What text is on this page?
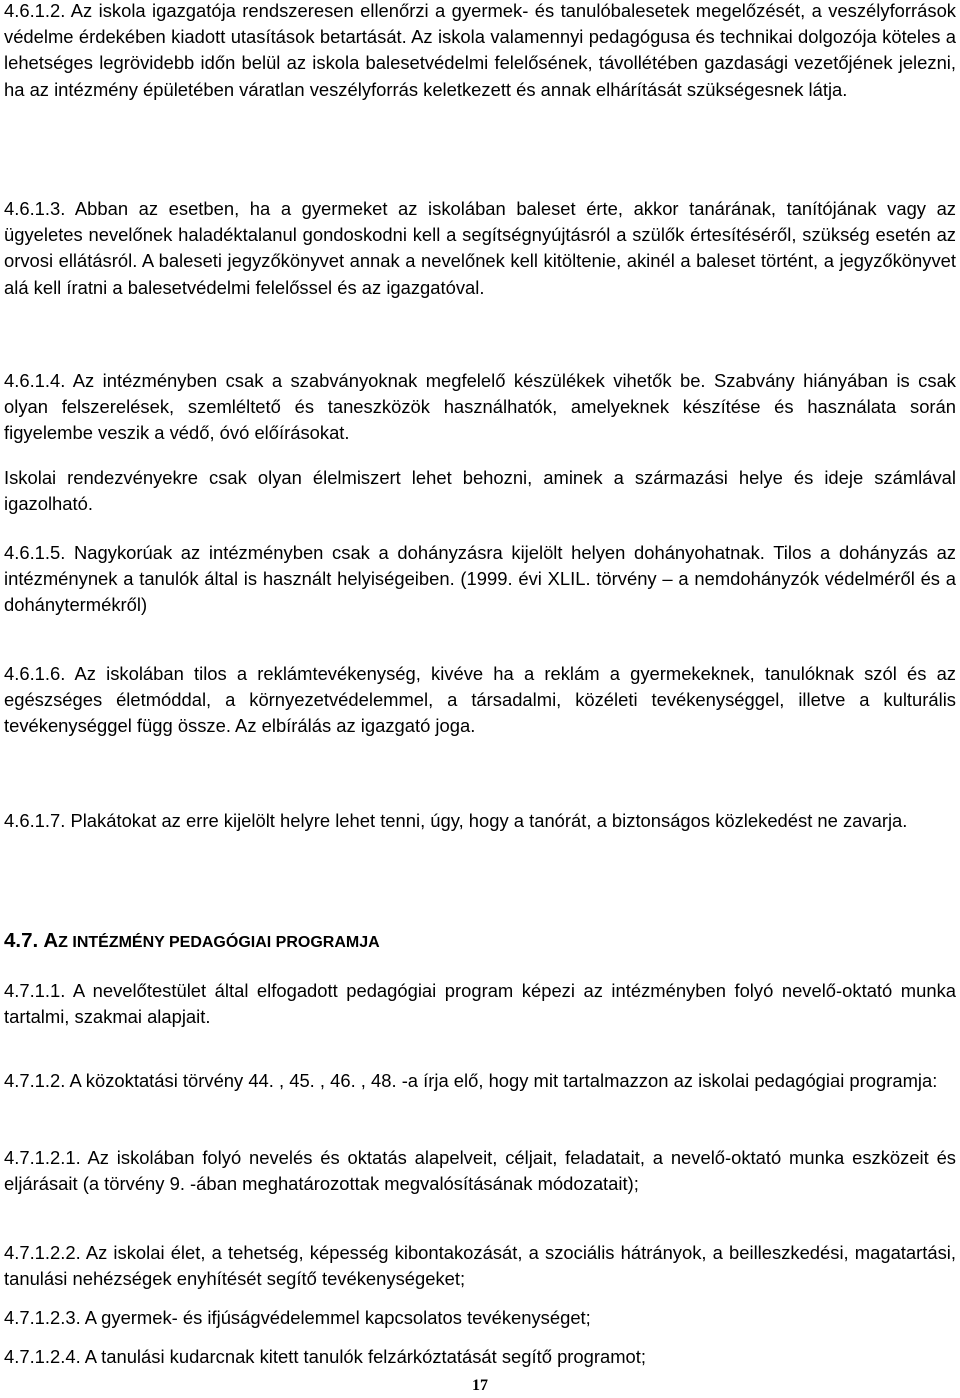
4.6.1.2. Az iskola igazgatója rendszeresen ellenőrzi a gyermek- és tanulóbalesetek megelőzését, a veszélyforrások védelme érdekében kiadott utasítások betartását. Az iskola valamennyi pedagógusa és technikai dolgozója köteles a lehetséges legrövidebb időn belül az iskola balesetvédelmi felelősének, távollétében gazdasági vezetőjének jelezni, ha az intézmény épületében váratlan veszélyforrás keletkezett és annak elhárítását szükségesnek látja.

4.6.1.3. Abban az esetben, ha a gyermeket az iskolában baleset érte, akkor tanárának, tanítójának vagy az ügyeletes nevelőnek haladéktalanul gondoskodni kell a segítségnyújtásról a szülők értesítéséről, szükség esetén az orvosi ellátásról. A baleseti jegyzőkönyvet annak a nevelőnek kell kitöltenie, akinél a baleset történt, a jegyzőkönyvet alá kell íratni a balesetvédelmi felelőssel és az igazgatóval.

4.6.1.4. Az intézményben csak a szabványoknak megfelelő készülékek vihetők be. Szabvány hiányában is csak olyan felszerelések, szemléltető és taneszközök használhatók, amelyeknek készítése és használata során figyelembe veszik a védő, óvó előírásokat.

Iskolai rendezvényekre csak olyan élelmiszert lehet behozni, aminek a származási helye és ideje számlával igazolható.

4.6.1.5. Nagykorúak az intézményben csak a dohányzásra kijelölt helyen dohányohatnak. Tilos a dohányzás az intézménynek a tanulók által is használt helyiségeiben. (1999. évi XLIL. törvény – a nemdohányzók védelméről és a dohánytermékről)

4.6.1.6. Az iskolában tilos a reklámtevékenység, kivéve ha a reklám a gyermekeknek, tanulóknak szól és az egészséges életmóddal, a környezetvédelemmel, a társadalmi, közéleti tevékenységgel, illetve a kulturális tevékenységgel függ össze. Az elbírálás az igazgató joga.

4.6.1.7. Plakátokat az erre kijelölt helyre lehet tenni, úgy, hogy a tanórát, a biztonságos közlekedést ne zavarja.

4.7. AZ INTÉZMÉNY PEDAGÓGIAI PROGRAMJA

4.7.1.1. A nevelőtestület által elfogadott pedagógiai program képezi az intézményben folyó nevelő-oktató munka tartalmi, szakmai alapjait.

4.7.1.2. A közoktatási törvény 44. , 45. , 46. , 48. -a írja elő, hogy mit tartalmazzon az iskolai pedagógiai programja:

4.7.1.2.1. Az iskolában folyó nevelés és oktatás alapelveit, céljait, feladatait, a nevelő-oktató munka eszközeit és eljárásait (a törvény 9. -ában meghatározottak megvalósításának módozatait);

4.7.1.2.2. Az iskolai élet, a tehetség, képesség kibontakozását, a szociális hátrányok, a beilleszkedési, magatartási, tanulási nehézségek enyhítését segítő tevékenységeket;

4.7.1.2.3. A gyermek- és ifjúságvédelemmel kapcsolatos tevékenységet;

4.7.1.2.4. A tanulási kudarcnak kitett tanulók felzárkóztatását segítő programot;

17
